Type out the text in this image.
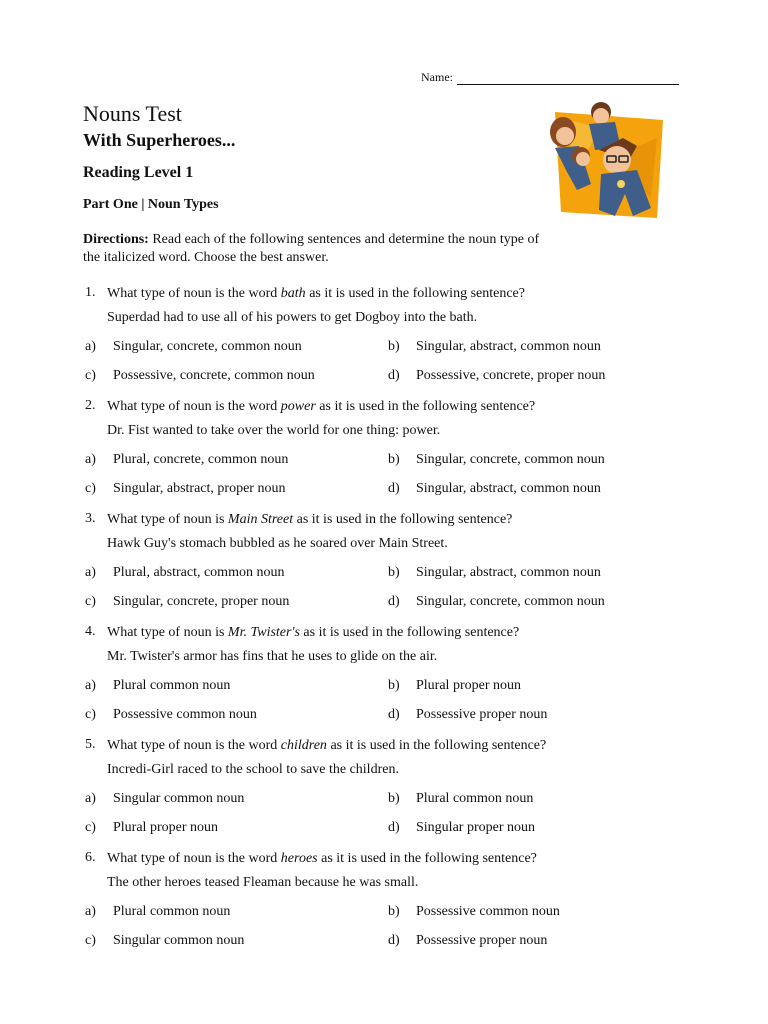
Name:
Nouns Test
With Superheroes...
Reading Level 1
Part One | Noun Types
Directions: Read each of the following sentences and determine the noun type of the italicized word. Choose the best answer.
1. What type of noun is the word bath as it is used in the following sentence?
Superdad had to use all of his powers to get Dogboy into the bath.
a) Singular, concrete, common noun	b) Singular, abstract, common noun
c) Possessive, concrete, common noun	d) Possessive, concrete, proper noun
2. What type of noun is the word power as it is used in the following sentence?
Dr. Fist wanted to take over the world for one thing: power.
a) Plural, concrete, common noun	b) Singular, concrete, common noun
c) Singular, abstract, proper noun	d) Singular, abstract, common noun
3. What type of noun is Main Street as it is used in the following sentence?
Hawk Guy's stomach bubbled as he soared over Main Street.
a) Plural, abstract, common noun	b) Singular, abstract, common noun
c) Singular, concrete, proper noun	d) Singular, concrete, common noun
4. What type of noun is Mr. Twister's as it is used in the following sentence?
Mr. Twister's armor has fins that he uses to glide on the air.
a) Plural common noun	b) Plural proper noun
c) Possessive common noun	d) Possessive proper noun
5. What type of noun is the word children as it is used in the following sentence?
Incredi-Girl raced to the school to save the children.
a) Singular common noun	b) Plural common noun
c) Plural proper noun	d) Singular proper noun
6. What type of noun is the word heroes as it is used in the following sentence?
The other heroes teased Fleaman because he was small.
a) Plural common noun	b) Possessive common noun
c) Singular common noun	d) Possessive proper noun
